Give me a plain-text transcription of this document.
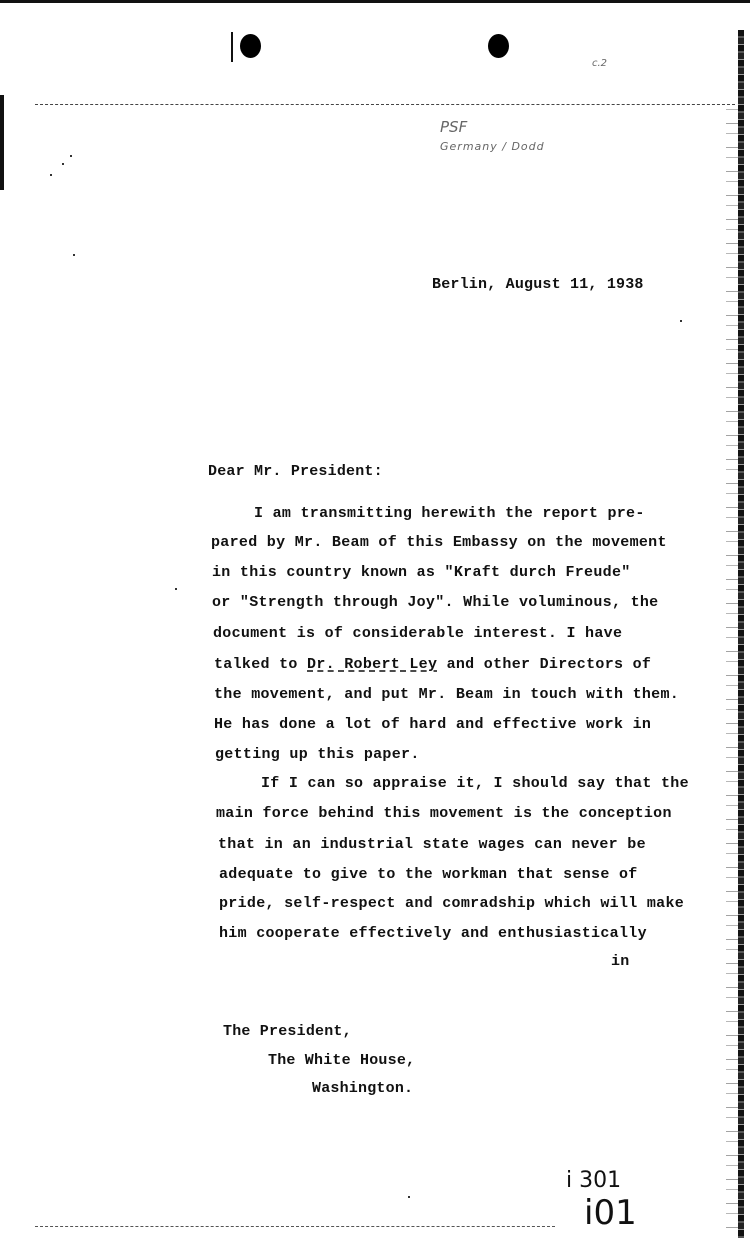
c.2
PSF
Germany / Dodd
Berlin, August 11, 1938
Dear Mr. President:
I am transmitting herewith the report pre-
pared by Mr. Beam of this Embassy on the movement
in this country known as "Kraft durch Freude"
or "Strength through Joy". While voluminous, the
document is of considerable interest. I have
talked to Dr. Robert Ley and other Directors of
the movement, and put Mr. Beam in touch with them.
He has done a lot of hard and effective work in
getting up this paper.
If I can so appraise it, I should say that the
main force behind this movement is the conception
that in an industrial state wages can never be
adequate to give to the workman that sense of
pride, self-respect and comradship which will make
him cooperate effectively and enthusiastically
in
The President,
The White House,
Washington.
i 301
i01
